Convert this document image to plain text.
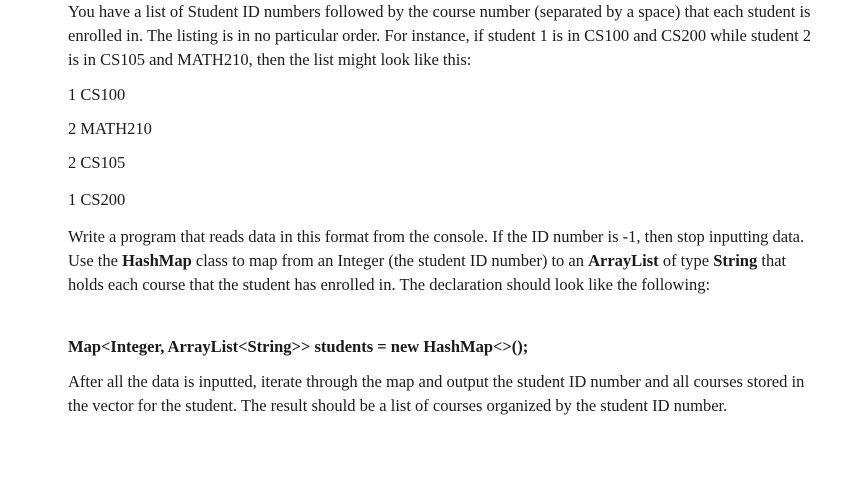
You have a list of Student ID numbers followed by the course number (separated by a space) that each student is enrolled in. The listing is in no particular order. For instance, if student 1 is in CS100 and CS200 while student 2 is in CS105 and MATH210, then the list might look like this:

1 CS100
2 MATH210
2 CS105
1 CS200

Write a program that reads data in this format from the console. If the ID number is -1, then stop inputting data. Use the HashMap class to map from an Integer (the student ID number) to an ArrayList of type String that holds each course that the student has enrolled in. The declaration should look like the following:

Map<Integer, ArrayList<String>> students = new HashMap<>();

After all the data is inputted, iterate through the map and output the student ID number and all courses stored in the vector for the student. The result should be a list of courses organized by the student ID number.
